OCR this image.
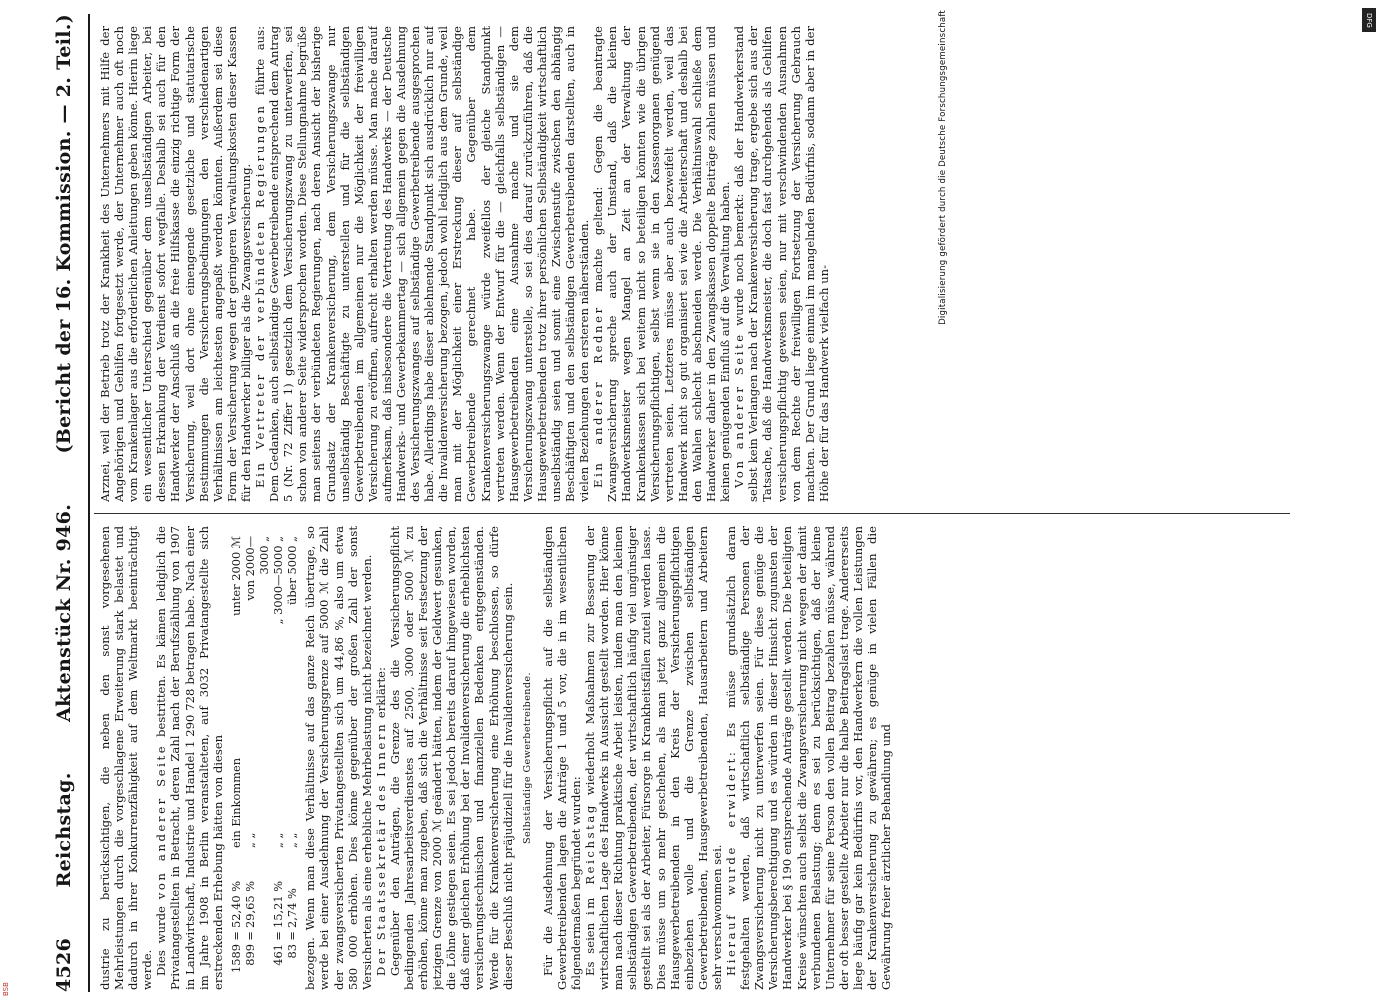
4526
Reichstag.
Aktenstück Nr. 946.
(Bericht der 16. Kommission. — 2. Teil.)

dustrie zu berücksichtigen, die neben den sonst vorgesehenen Mehrleistungen durch die vorgeschlagene Erweiterung stark belastet und dadurch in ihrer Konkurrenzfähigkeit auf dem Weltmarkt beeinträchtigt werde. Dies wurde von anderer Seite bestritten. Es kämen lediglich die Privatangestellten in Betracht, deren Zahl nach der Berufszählung von 1907 in Landwirtschaft, Industrie und Handel 1 290 728 betragen habe. Nach einer im Jahre 1908 in Berlin veranstalteten, auf 3032 Privatangestellte sich erstreckenden Erhebung hätten von diesen 1589
=
52,40 %
ein Einkommen
unter 2000 ℳ
899
=
29,65 %
„ „
von 2000—3000 „
461
=
15,21 %
„ „
„ 3000—5000 „
83
=
2,74 %
„ „
über 5000 „ bezogen. Wenn man diese Verhältnisse auf das ganze Reich übertrage, so werde bei einer Ausdehnung der Versicherungsgrenze auf 5000 ℳ die Zahl der zwangsversicherten Privatangestellten sich um 44,86 %, also um etwa 580 000 erhöhen. Dies könne gegenüber der großen Zahl der sonst Versicherten als eine erhebliche Mehrbelastung nicht bezeichnet werden. Der Staatssekretär des Innern erklärte: Gegenüber den Anträgen, die Grenze des die Versicherungspflicht bedingenden Jahresarbeitsverdienstes auf 2500, 3000 oder 5000 ℳ zu erhöhen, könne man zugeben, daß sich die Verhältnisse seit Festsetzung der jetzigen Grenze von 2000 ℳ geändert hätten, indem der Geldwert gesunken, die Löhne gestiegen seien. Es sei jedoch bereits darauf hingewiesen worden, daß einer gleichen Erhöhung bei der Invalidenversicherung die erheblichsten versicherungstechnischen und finanziellen Bedenken entgegenständen. Werde für die Krankenversicherung eine Erhöhung beschlossen, so dürfe dieser Beschluß nicht präjudiziell für die Invalidenversicherung sein. Selbständige Gewerbetreibende. Für die Ausdehnung der Versicherungspflicht auf die selbständigen Gewerbetreibenden lagen die Anträge 1 und 5 vor, die in im wesentlichen folgendermaßen begründet wurden: Es seien im Reichstag wiederholt Maßnahmen zur Besserung der wirtschaftlichen Lage des Handwerks in Aussicht gestellt worden. Hier könne man nach dieser Richtung praktische Arbeit leisten, indem man den kleinen selbständigen Gewerbetreibenden, der wirtschaftlich häufig viel ungünstiger gestellt sei als der Arbeiter, Fürsorge in Krankheitsfällen zuteil werden lasse. Dies müsse um so mehr geschehen, als man jetzt ganz allgemein die Hausgewerbetreibenden in den Kreis der Versicherungspflichtigen einbeziehen wolle und die Grenze zwischen selbständigen Gewerbetreibenden, Hausgewerbetreibenden, Hausarbeitern und Arbeitern sehr verschwommen sei. Hierauf wurde erwidert: Es müsse grundsätzlich daran festgehalten werden, daß wirtschaftlich selbständige Personen der Zwangsversicherung nicht zu unterwerfen seien. Für diese genüge die Versicherungsberechtigung und es würden in dieser Hinsicht zugunsten der Handwerker bei § 190 entsprechende Anträge gestellt werden. Die beteiligten Kreise wünschten auch selbst die Zwangsversicherung nicht wegen der damit verbundenen Belastung; denn es sei zu berücksichtigen, daß der kleine Unternehmer für seine Person den vollen Beitrag bezahlen müsse, während der oft besser gestellte Arbeiter nur die halbe Beitragslast trage. Andererseits liege häufig gar kein Bedürfnis vor, den Handwerkern die vollen Leistungen der Krankenversicherung zu gewähren; es genüge in vielen Fällen die Gewährung freier ärztlicher Behandlung und

Arznei, weil der Betrieb trotz der Krankheit des Unternehmers mit Hilfe der Angehörigen und Gehilfen fortgesetzt werde, der Unternehmer auch oft noch vom Krankenlager aus die erforderlichen Anleitungen geben könne. Hierin liege ein wesentlicher Unterschied gegenüber dem unselbständigen Arbeiter, bei dessen Erkrankung der Verdienst sofort wegfalle. Deshalb sei auch für den Handwerker der Anschluß an die freie Hilfskasse die einzig richtige Form der Versicherung, weil dort ohne einengende gesetzliche und statutarische Bestimmungen die Versicherungsbedingungen den verschiedenartigen Verhältnissen am leichtesten angepaßt werden könnten. Außerdem sei diese Form der Versicherung wegen der geringeren Verwaltungskosten dieser Kassen für den Handwerker billiger als die Zwangsversicherung. Ein Vertreter der verbündeten Regierungen führte aus: Dem Gedanken, auch selbständige Gewerbetreibende entsprechend dem Antrag 5 (Nr. 72 Ziffer 1) gesetzlich dem Versicherungszwang zu unterwerfen, sei schon von anderer Seite widersprochen worden. Diese Stellungnahme begrüße man seitens der verbündeten Regierungen, nach deren Ansicht der bisherige Grundsatz der Krankenversicherung, dem Versicherungszwange nur unselbständig Beschäftigte zu unterstellen und für die selbständigen Gewerbetreibenden im allgemeinen nur die Möglichkeit der freiwilligen Versicherung zu eröffnen, aufrecht erhalten werden müsse. Man mache darauf aufmerksam, daß insbesondere die Vertretung des Handwerks — der Deutsche Handwerks- und Gewerbekammertag — sich allgemein gegen die Ausdehnung des Versicherungszwanges auf selbständige Gewerbetreibende ausgesprochen habe. Allerdings habe dieser ablehnende Standpunkt sich ausdrücklich nur auf die Invalidenversicherung bezogen, jedoch wohl lediglich aus dem Grunde, weil man mit der Möglichkeit einer Erstreckung dieser auf selbständige Gewerbetreibende gerechnet habe. Gegenüber dem Krankenversicherungszwange würde zweifellos der gleiche Standpunkt vertreten werden. Wenn der Entwurf für die — gleichfalls selbständigen — Hausgewerbetreibenden eine Ausnahme mache und sie dem Versicherungszwang unterstelle, so sei dies darauf zurückzuführen, daß die Hausgewerbetreibenden trotz ihrer persönlichen Selbständigkeit wirtschaftlich unselbständig seien und somit eine Zwischenstufe zwischen den abhängig Beschäftigten und den selbständigen Gewerbetreibenden darstellten, auch in vielen Beziehungen den ersteren näherständen. Ein anderer Redner machte geltend: Gegen die beantragte Zwangsversicherung spreche auch der Umstand, daß die kleinen Handwerksmeister wegen Mangel an Zeit an der Verwaltung der Krankenkassen sich bei weitem nicht so beteiligen könnten wie die übrigen Versicherungspflichtigen, selbst wenn sie in den Kassenorganen genügend vertreten seien. Letzteres müsse aber auch bezweifelt werden, weil das Handwerk nicht so gut organisiert sei wie die Arbeiterschaft und deshalb bei den Wahlen schlecht abschneiden werde. Die Verhältniswahl schließe dem Handwerker daher in den Zwangskassen doppelte Beiträge zahlen müssen und keinen genügenden Einfluß auf die Verwaltung haben. Von anderer Seite wurde noch bemerkt: daß der Handwerkerstand selbst kein Verlangen nach der Krankenversicherung trage, ergebe sich aus der Tatsache, daß die Handwerksmeister, die doch fast durchgehends als Gehilfen versicherungspflichtig gewesen seien, nur mit verschwindenden Ausnahmen von dem Rechte der freiwilligen Fortsetzung der Versicherung Gebrauch machten. Der Grund liege einmal im mangelnden Bedürfnis, sodann aber in der Höhe der für das Handwerk vielfach un-

Digitalisierung gefördert durch die Deutsche Forschungsgemeinschaft	DFG
BSB
